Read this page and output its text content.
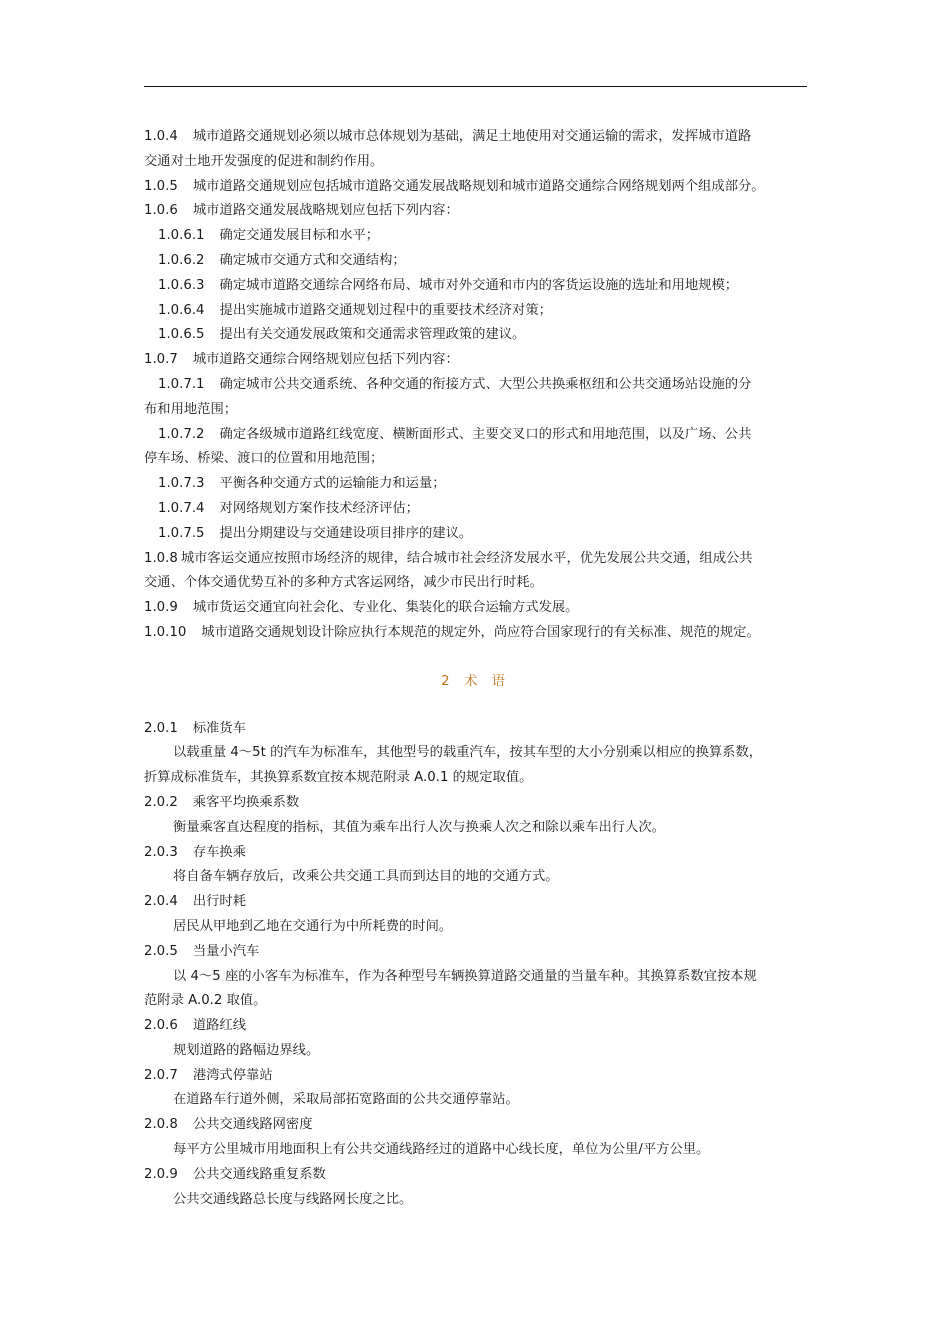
1.0.4 城市道路交通规划必须以城市总体规划为基础，满足土地使用对交通运输的需求，发挥城市道路
交通对土地开发强度的促进和制约作用。
1.0.5 城市道路交通规划应包括城市道路交通发展战略规划和城市道路交通综合网络规划两个组成部分。
1.0.6 城市道路交通发展战略规划应包括下列内容：
1.0.6.1 确定交通发展目标和水平；
1.0.6.2 确定城市交通方式和交通结构；
1.0.6.3 确定城市道路交通综合网络布局、城市对外交通和市内的客货运设施的选址和用地规模；
1.0.6.4 提出实施城市道路交通规划过程中的重要技术经济对策；
1.0.6.5 提出有关交通发展政策和交通需求管理政策的建议。
1.0.7 城市道路交通综合网络规划应包括下列内容：
1.0.7.1 确定城市公共交通系统、各种交通的衔接方式、大型公共换乘枢纽和公共交通场站设施的分
布和用地范围；
1.0.7.2 确定各级城市道路红线宽度、横断面形式、主要交叉口的形式和用地范围，以及广场、公共
停车场、桥梁、渡口的位置和用地范围；
1.0.7.3 平衡各种交通方式的运输能力和运量；
1.0.7.4 对网络规划方案作技术经济评估；
1.0.7.5 提出分期建设与交通建设项目排序的建议。
1.0.8 城市客运交通应按照市场经济的规律，结合城市社会经济发展水平，优先发展公共交通，组成公共
交通、个体交通优势互补的多种方式客运网络，减少市民出行时耗。
1.0.9 城市货运交通宜向社会化、专业化、集装化的联合运输方式发展。
1.0.10 城市道路交通规划设计除应执行本规范的规定外，尚应符合国家现行的有关标准、规范的规定。
2 术 语
2.0.1 标准货车
以载重量 4～5t 的汽车为标准车，其他型号的载重汽车，按其车型的大小分别乘以相应的换算系数，
折算成标准货车，其换算系数宜按本规范附录 A.0.1 的规定取值。
2.0.2 乘客平均换乘系数
衡量乘客直达程度的指标，其值为乘车出行人次与换乘人次之和除以乘车出行人次。
2.0.3 存车换乘
将自备车辆存放后，改乘公共交通工具而到达目的地的交通方式。
2.0.4 出行时耗
居民从甲地到乙地在交通行为中所耗费的时间。
2.0.5 当量小汽车
以 4～5 座的小客车为标准车，作为各种型号车辆换算道路交通量的当量车种。其换算系数宜按本规
范附录 A.0.2 取值。
2.0.6 道路红线
规划道路的路幅边界线。
2.0.7 港湾式停靠站
在道路车行道外侧，采取局部拓宽路面的公共交通停靠站。
2.0.8 公共交通线路网密度
每平方公里城市用地面积上有公共交通线路经过的道路中心线长度，单位为公里/平方公里。
2.0.9 公共交通线路重复系数
公共交通线路总长度与线路网长度之比。
